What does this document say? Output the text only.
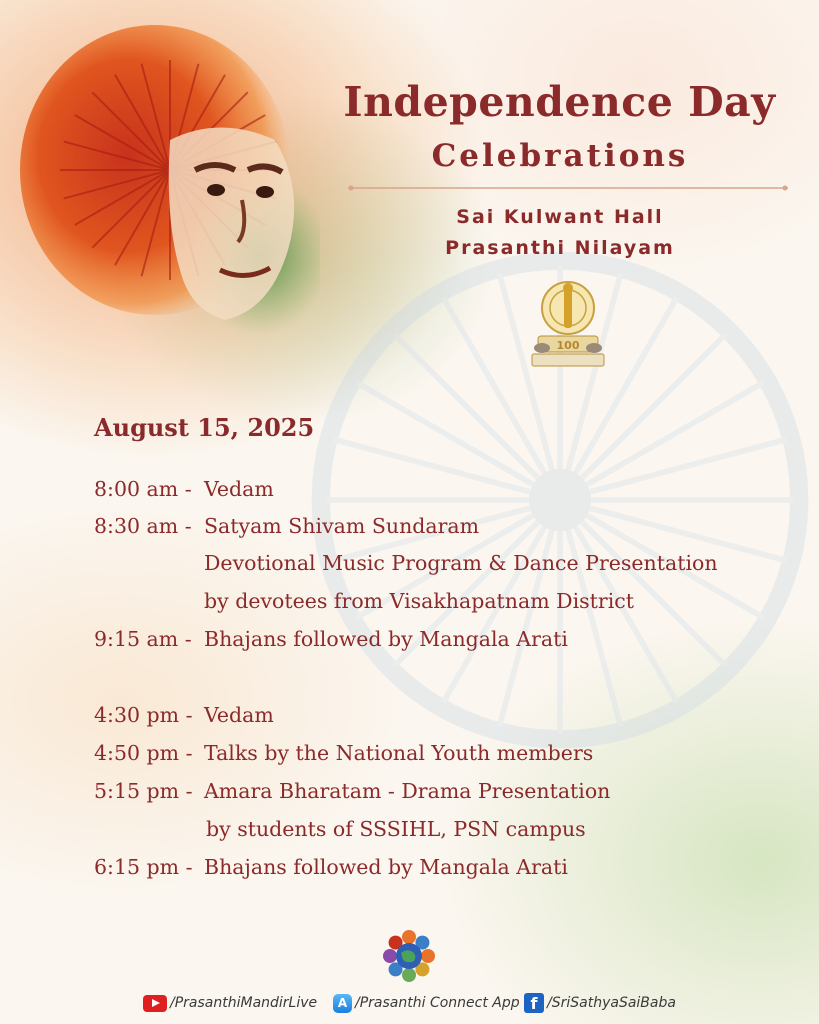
Independence Day
Celebrations
Sai Kulwant Hall
Prasanthi Nilayam
100
August 15, 2025
8:00 am - Vedam
8:30 am - Satyam Shivam Sundaram
Devotional Music Program & Dance Presentation
by devotees from Visakhapatnam District
9:15 am - Bhajans followed by Mangala Arati
4:30 pm - Vedam
4:50 pm - Talks by the National Youth members
5:15 pm - Amara Bharatam - Drama Presentation
by students of SSSIHL, PSN campus
6:15 pm - Bhajans followed by Mangala Arati
/PrasanthiMandirLive	A /Prasanthi Connect App f /SriSathyaSaiBaba
